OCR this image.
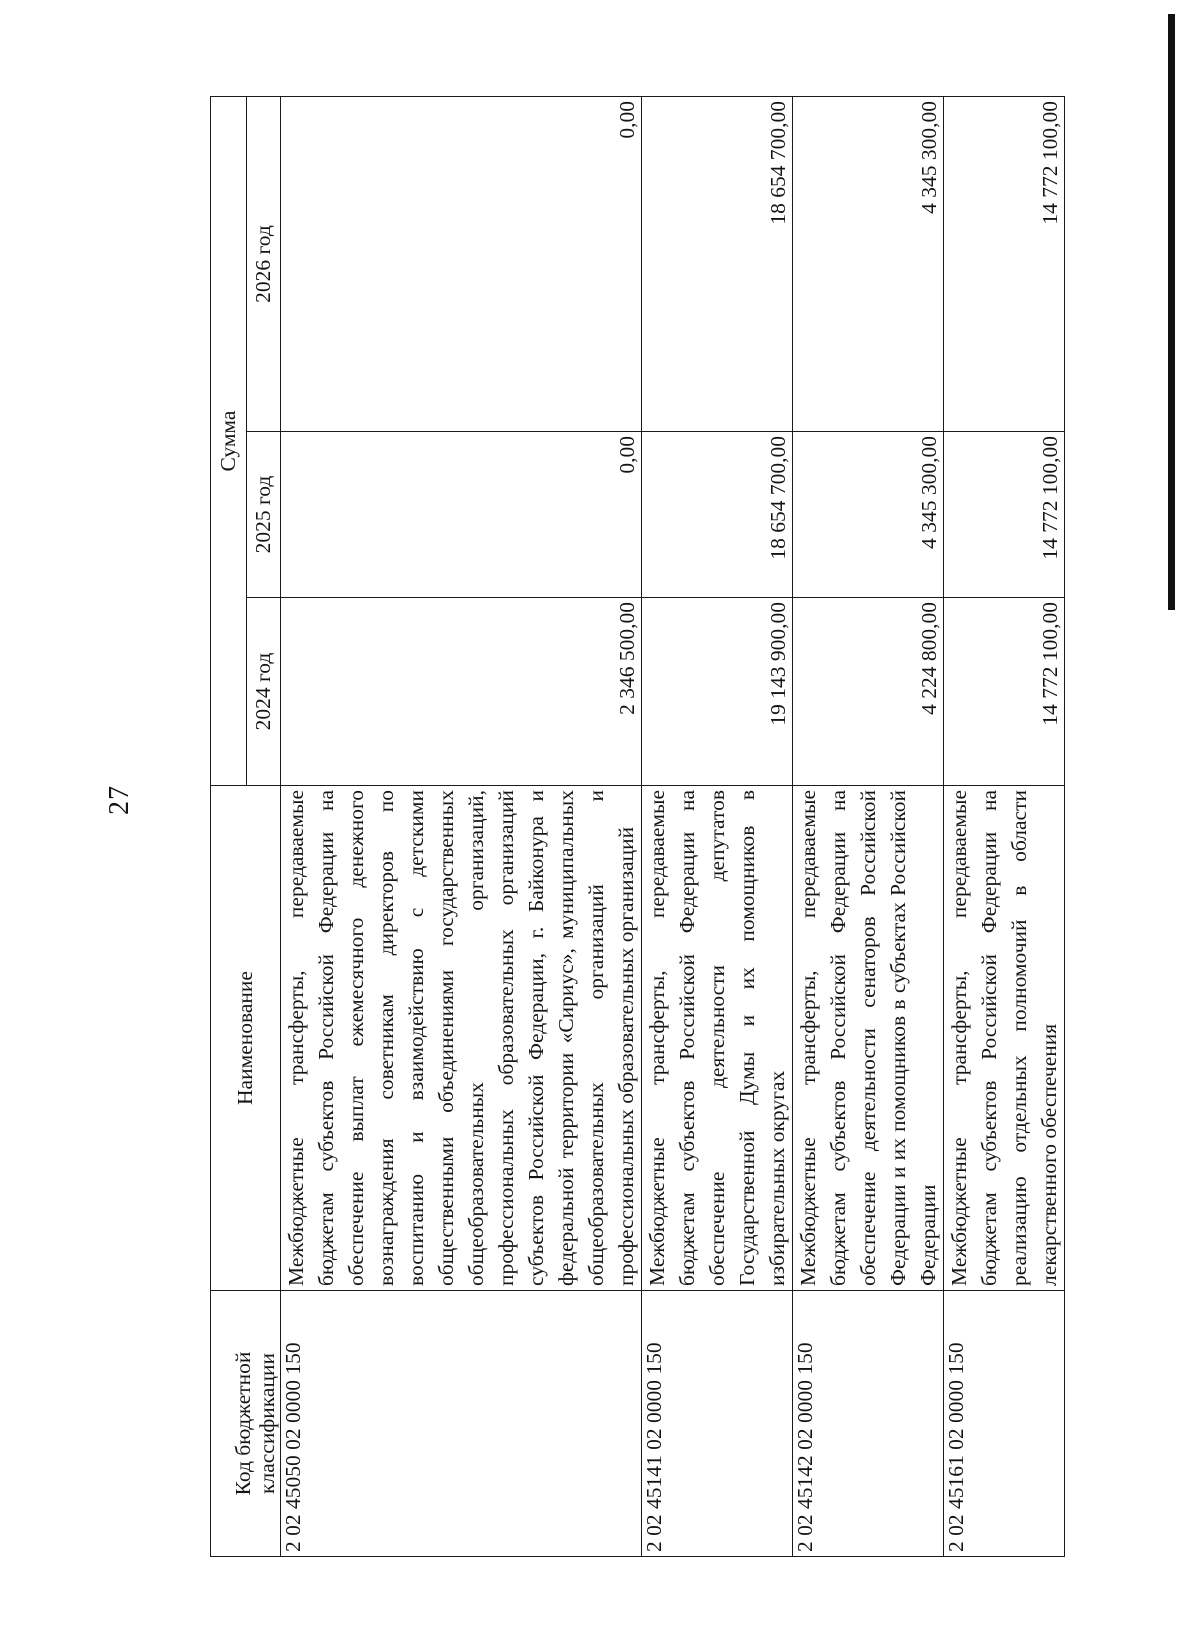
27
Код бюджетной классификации	Наименование	Сумма		
		2024 год	2025 год	2026 год
2 02 45050 02 0000 150	Межбюджетные трансферты, передаваемые бюджетам субъектов Российской Федерации на обеспечение выплат ежемесячного денежного вознаграждения советникам директоров по воспитанию и взаимодействию с детскими общественными объединениями государственных общеобразовательных организаций, профессиональных образовательных организаций субъектов Российской Федерации, г. Байконура и федеральной территории «Сириус», муниципальных общеобразовательных организаций и профессиональных образовательных организаций	2 346 500,00	0,00	0,00
2 02 45141 02 0000 150	Межбюджетные трансферты, передаваемые бюджетам субъектов Российской Федерации на обеспечение деятельности депутатов Государственной Думы и их помощников в избирательных округах	19 143 900,00	18 654 700,00	18 654 700,00
2 02 45142 02 0000 150	Межбюджетные трансферты, передаваемые бюджетам субъектов Российской Федерации на обеспечение деятельности сенаторов Российской Федерации и их помощников в субъектах Российской Федерации	4 224 800,00	4 345 300,00	4 345 300,00
2 02 45161 02 0000 150	Межбюджетные трансферты, передаваемые бюджетам субъектов Российской Федерации на реализацию отдельных полномочий в области лекарственного обеспечения	14 772 100,00	14 772 100,00	14 772 100,00
